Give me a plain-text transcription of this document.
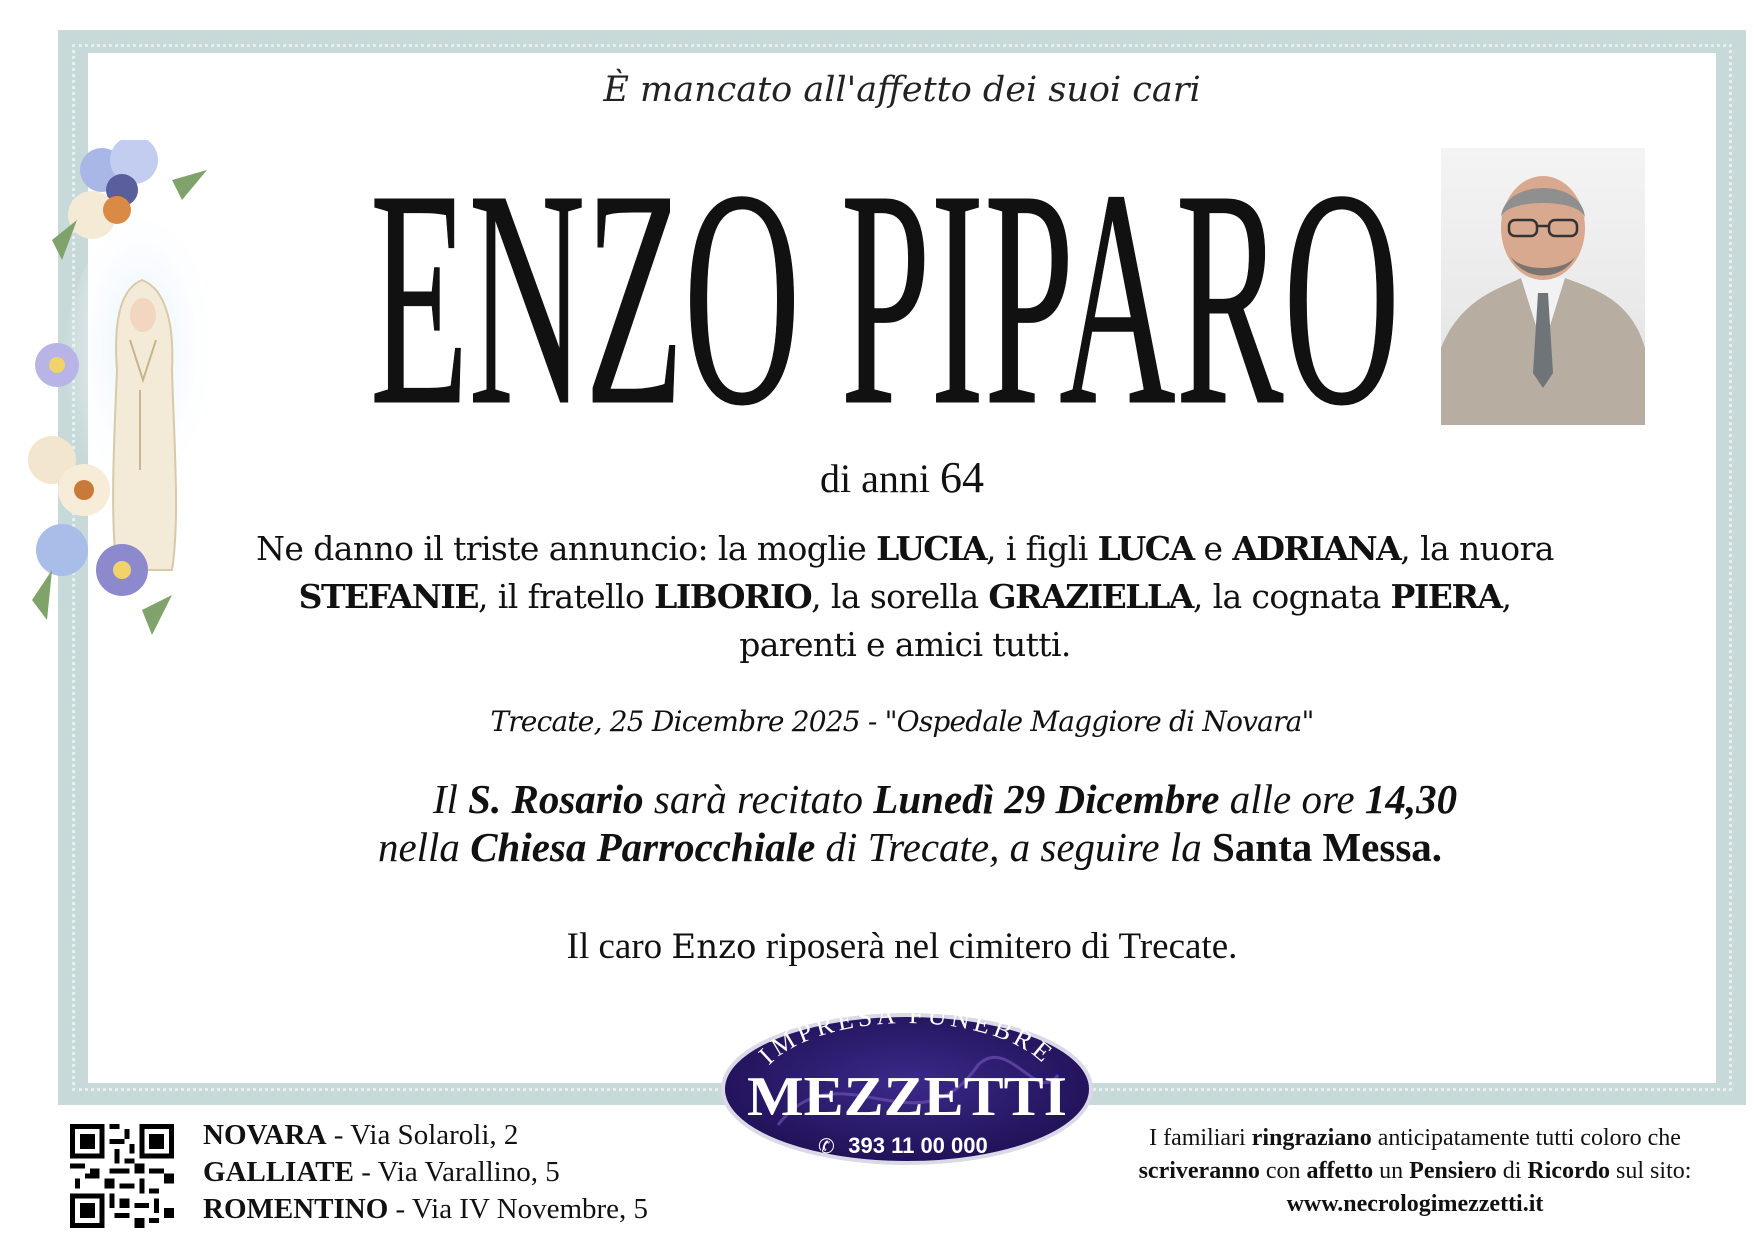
È mancato all'affetto dei suoi cari
ENZO PIPARO
di anni 64
Ne danno il triste annuncio: la moglie LUCIA, i figli LUCA e ADRIANA, la nuora STEFANIE, il fratello LIBORIO, la sorella GRAZIELLA, la cognata PIERA,
parenti e amici tutti.
Trecate, 25 Dicembre 2025 - "Ospedale Maggiore di Novara"
Il S. Rosario sarà recitato Lunedì 29 Dicembre alle ore 14,30
nella Chiesa Parrocchiale di Trecate, a seguire la Santa Messa.
Il caro Enzo riposerà nel cimitero di Trecate.
IMPRESA FUNEBRE
MEZZETTI
✆ 393 11 00 000
NOVARA - Via Solaroli, 2
GALLIATE - Via Varallino, 5
ROMENTINO - Via IV Novembre, 5
I familiari ringraziano anticipatamente tutti coloro che scriveranno con affetto un Pensiero di Ricordo sul sito:
www.necrologimezzetti.it
